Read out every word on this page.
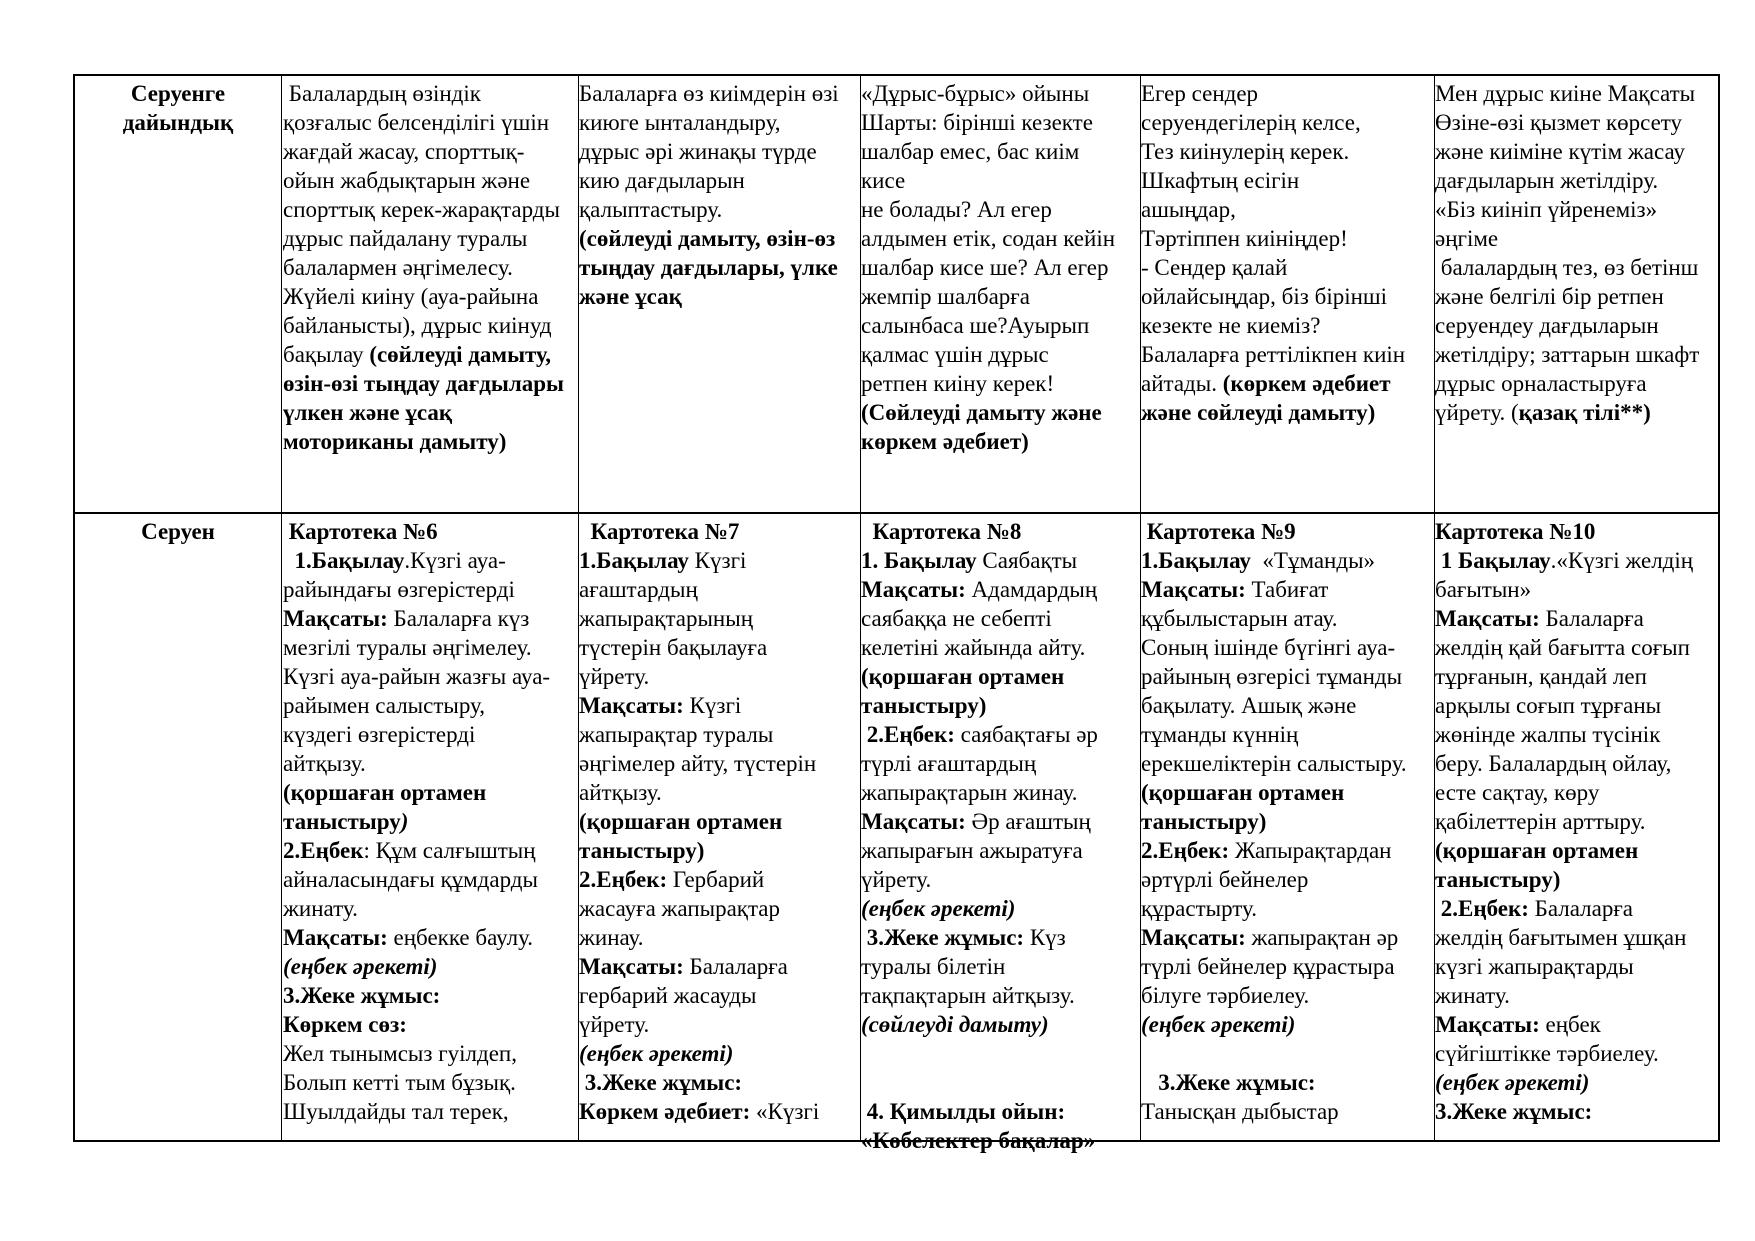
Серуенге
дайындық
Балалардың өзіндік
қозғалыс белсенділігі үшін
жағдай жасау, спорттық-
ойын жабдықтарын және
спорттық керек-жарақтарды
дұрыс пайдалану туралы
балалармен әңгімелесу.
Жүйелі киіну (ауа-райына
байланысты), дұрыс киінуд
бақылау (сөйлеуді дамыту,
өзін-өзі тыңдау дағдылары
үлкен және ұсақ
моториканы дамыту)
Балаларға өз киімдерін өзі
киюге ынталандыру,
дұрыс әрі жинақы түрде
кию дағдыларын
қалыптастыру.
(сөйлеуді дамыту, өзін-өз
тыңдау дағдылары, үлке
және ұсақ
«Дұрыс-бұрыс» ойыны
Шарты: бірінші кезекте
шалбар емес, бас киім
кисе
не болады? Ал егер
алдымен етік, содан кейін
шалбар кисе ше? Ал егер
жемпір шалбарға
салынбаса ше?Ауырып
қалмас үшін дұрыс
ретпен киіну керек!
(Сөйлеуді дамыту және
көркем әдебиет)
Егер сендер
серуендегілерің келсе,
Тез киінулерің керек.
Шкафтың есігін
ашыңдар,
Тәртіппен киініңдер!
- Сендер қалай
ойлайсыңдар, біз бірінші
кезекте не киеміз?
Балаларға реттілікпен киін
айтады. (көркем әдебиет
және сөйлеуді дамыту)
Мен дұрыс киіне Мақсаты
Өзіне-өзі қызмет көрсету
және киіміне күтім жасау
дағдыларын жетілдіру.
«Біз киініп үйренеміз»
әңгіме
балалардың тез, өз бетінш
және белгілі бір ретпен
серуендеу дағдыларын
жетілдіру; заттарын шкафт
дұрыс орналастыруға
үйрету. (қазақ тілі**)
Серуен	Картотека №6
1.Бақылау.Күзгі ауа-
райындағы өзгерістерді
Мақсаты: Балаларға күз
мезгілі туралы әңгімелеу.
Күзгі ауа-райын жазғы ауа-
райымен салыстыру,
күздегі өзгерістерді
айтқызу.
(қоршаған ортамен
таныстыру)
2.Еңбек: Құм салғыштың
айналасындағы құмдарды
жинату.
Мақсаты: еңбекке баулу.
(еңбек әрекеті)
3.Жеке жұмыс:
Көркем сөз:
Жел тынымсыз гуілдеп,
Болып кетті тым бұзық.
Шуылдайды тал терек,
Картотека №7
1.Бақылау Күзгі
ағаштардың
жапырақтарының
түстерін бақылауға
үйрету.
Мақсаты: Күзгі
жапырақтар туралы
әңгімелер айту, түстерін
айтқызу.
(қоршаған ортамен
таныстыру)
2.Еңбек: Гербарий
жасауға жапырақтар
жинау.
Мақсаты: Балаларға
гербарий жасауды
үйрету.
(еңбек әрекеті)
3.Жеке жұмыс:
Көркем әдебиет: «Күзгі
Картотека №8
1. Бақылау Саябақты
Мақсаты: Адамдардың
саябаққа не себепті
келетіні жайында айту.
(қоршаған ортамен
таныстыру)
2.Еңбек: саябақтағы әр
түрлі ағаштардың
жапырақтарын жинау.
Мақсаты: Әр ағаштың
жапырағын ажыратуға
үйрету.
(еңбек әрекеті)
3.Жеке жұмыс: Күз
туралы білетін
тақпақтарын айтқызу.
(сөйлеуді дамыту)
4. Қимылды ойын:
«Көбелектер бақалар»
Картотека №9
1.Бақылау  «Тұманды»
Мақсаты: Табиғат
құбылыстарын атау.
Соның ішінде бүгінгі ауа-
райының өзгерісі тұманды
бақылату. Ашық және
тұманды күннің
ерекшеліктерін салыстыру.
(қоршаған ортамен
таныстыру)
2.Еңбек: Жапырақтардан
әртүрлі бейнелер
құрастырту.
Мақсаты: жапырақтан әр
түрлі бейнелер құрастыра
білуге тәрбиелеу.
(еңбек әрекеті)
3.Жеке жұмыс:
Танысқан дыбыстар
Картотека №10
1 Бақылау.«Күзгі желдің
бағытын»
Мақсаты: Балаларға
желдің қай бағытта соғып
тұрғанын, қандай леп
арқылы соғып тұрғаны
жөнінде жалпы түсінік
беру. Балалардың ойлау,
есте сақтау, көру
қабілеттерін арттыру.
(қоршаған ортамен
таныстыру)
2.Еңбек: Балаларға
желдің бағытымен ұшқан
күзгі жапырақтарды
жинату.
Мақсаты: еңбек
сүйгіштікке тәрбиелеу.
(еңбек әрекеті)
3.Жеке жұмыс:
